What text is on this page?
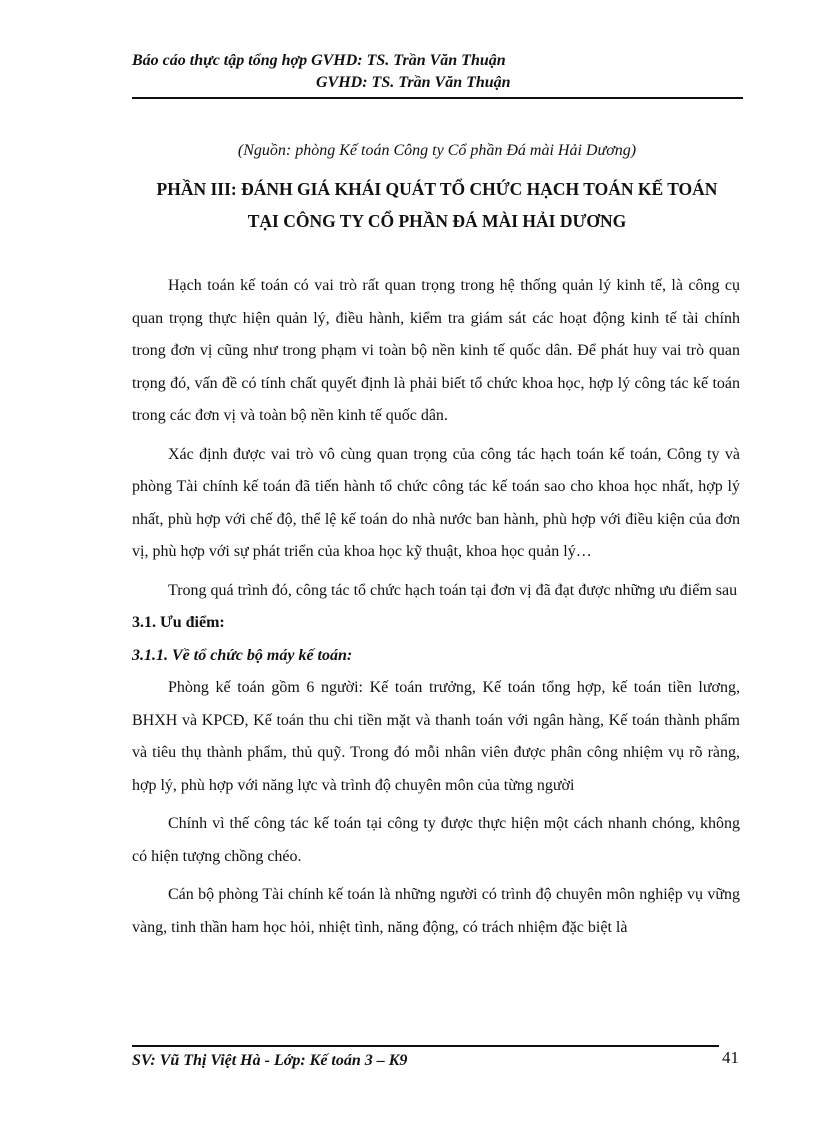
Báo cáo thực tập tổng hợp GVHD: TS. Trần Văn Thuận
GVHD: TS. Trần Văn Thuận
(Nguồn: phòng Kế toán Công ty Cổ phần Đá mài Hải Dương)
PHẦN III: ĐÁNH GIÁ KHÁI QUÁT TỔ CHỨC HẠCH TOÁN KẾ TOÁN
TẠI CÔNG TY CỔ PHẦN ĐÁ MÀI HẢI DƯƠNG

Hạch toán kế toán có vai trò rất quan trọng trong hệ thống quản lý kinh tế, là công cụ quan trọng thực hiện quản lý, điều hành, kiểm tra giám sát các hoạt động kinh tế tài chính trong đơn vị cũng như trong phạm vi toàn bộ nền kinh tế quốc dân. Để phát huy vai trò quan trọng đó, vấn đề có tính chất quyết định là phải biết tổ chức khoa học, hợp lý công tác kế toán trong các đơn vị và toàn bộ nền kinh tế quốc dân.

Xác định được vai trò vô cùng quan trọng của công tác hạch toán kế toán, Công ty và phòng Tài chính kế toán đã tiến hành tổ chức công tác kế toán sao cho khoa học nhất, hợp lý nhất, phù hợp với chế độ, thể lệ kế toán do nhà nước ban hành, phù hợp với điều kiện của đơn vị, phù hợp với sự phát triển của khoa học kỹ thuật, khoa học quản lý…

Trong quá trình đó, công tác tổ chức hạch toán tại đơn vị đã đạt được những ưu điểm sau

3.1. Ưu điểm:
3.1.1. Về tổ chức bộ máy kế toán:

Phòng kế toán gồm 6 người: Kế toán trưởng, Kế toán tổng hợp, kế toán tiền lương, BHXH và KPCĐ, Kế toán thu chi tiền mặt và thanh toán với ngân hàng, Kế toán thành phẩm và tiêu thụ thành phẩm, thủ quỹ. Trong đó mỗi nhân viên được phân công nhiệm vụ rõ ràng, hợp lý, phù hợp với năng lực và trình độ chuyên môn của từng người

Chính vì thế công tác kế toán tại công ty được thực hiện một cách nhanh chóng, không có hiện tượng chồng chéo.

Cán bộ phòng Tài chính kế toán là những người có trình độ chuyên môn nghiệp vụ vững vàng, tinh thần ham học hỏi, nhiệt tình, năng động, có trách nhiệm đặc biệt là

SV: Vũ Thị Việt Hà - Lớp: Kế toán 3 – K9	41
